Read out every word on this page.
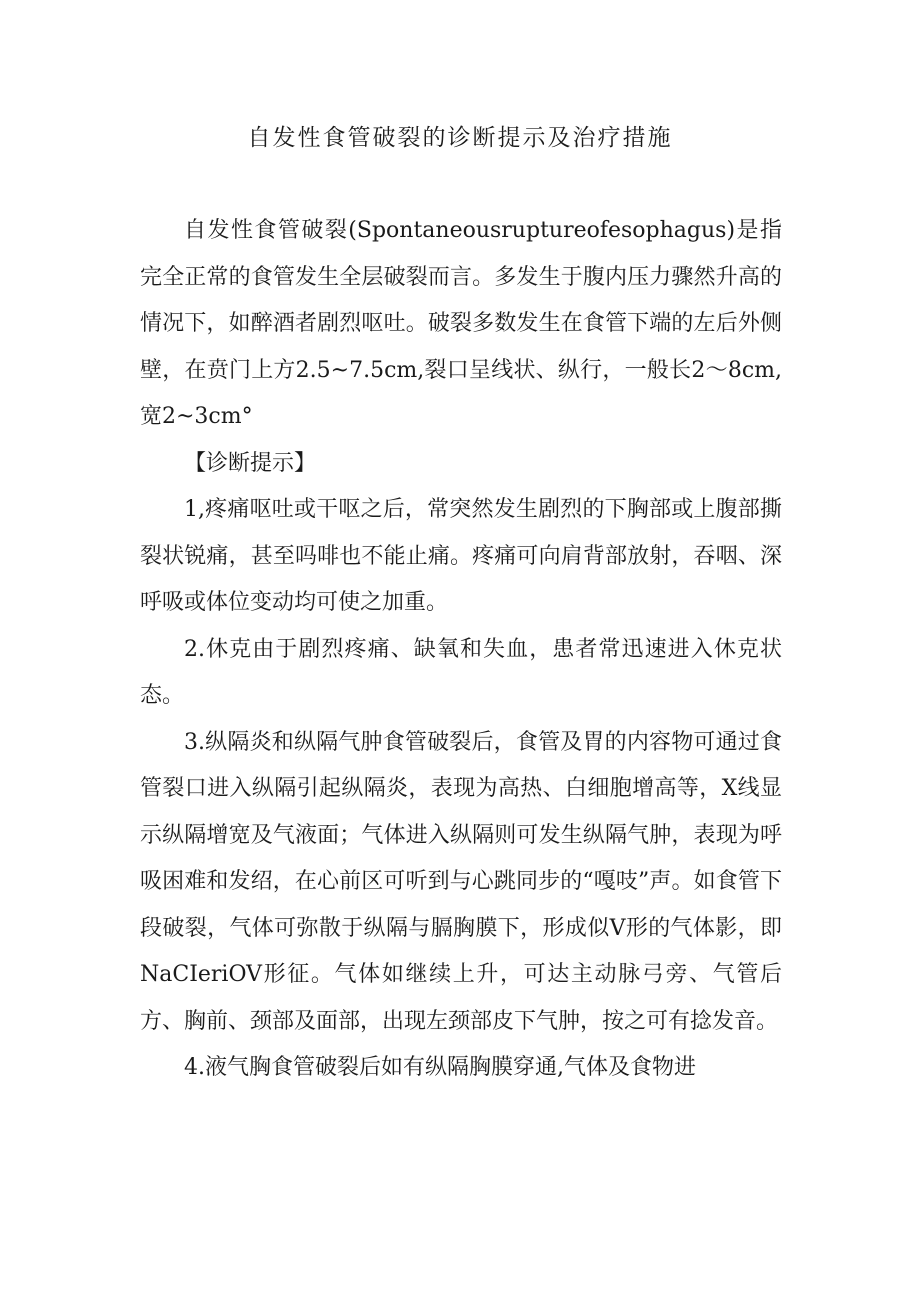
自发性食管破裂的诊断提示及治疗措施

自发性食管破裂(Spontaneousruptureofesophagus)是指完全正常的食管发生全层破裂而言。多发生于腹内压力骤然升高的情况下，如醉酒者剧烈呕吐。破裂多数发生在食管下端的左后外侧壁，在贲门上方2.5~7.5cm,裂口呈线状、纵行，一般长2～8cm,宽2~3cm°

【诊断提示】

1,疼痛呕吐或干呕之后，常突然发生剧烈的下胸部或上腹部撕裂状锐痛，甚至吗啡也不能止痛。疼痛可向肩背部放射，吞咽、深呼吸或体位变动均可使之加重。

2.休克由于剧烈疼痛、缺氧和失血，患者常迅速进入休克状态。

3.纵隔炎和纵隔气肿食管破裂后，食管及胃的内容物可通过食管裂口进入纵隔引起纵隔炎，表现为高热、白细胞增高等，X线显示纵隔增宽及气液面；气体进入纵隔则可发生纵隔气肿，表现为呼吸困难和发绍，在心前区可听到与心跳同步的“嘎吱”声。如食管下段破裂，气体可弥散于纵隔与膈胸膜下，形成似V形的气体影，即NaCIeriOV形征。气体如继续上升，可达主动脉弓旁、气管后方、胸前、颈部及面部，出现左颈部皮下气肿，按之可有捻发音。

4.液气胸食管破裂后如有纵隔胸膜穿通,气体及食物进
